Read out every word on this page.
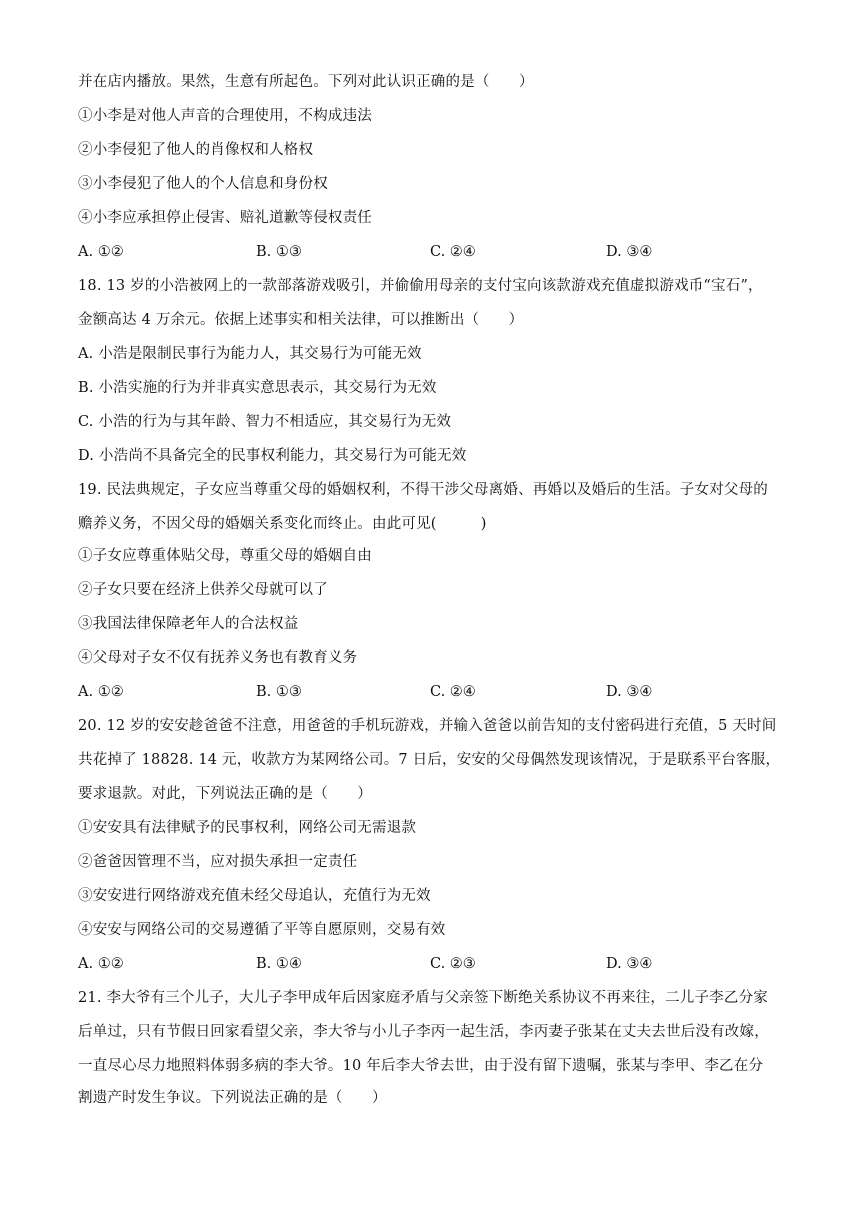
并在店内播放。果然，生意有所起色。下列对此认识正确的是（　　）
①小李是对他人声音的合理使用，不构成违法
②小李侵犯了他人的肖像权和人格权
③小李侵犯了他人的个人信息和身份权
④小李应承担停止侵害、赔礼道歉等侵权责任
A. ①②	B. ①③	C. ②④	D. ③④
18. 13 岁的小浩被网上的一款部落游戏吸引，并偷偷用母亲的支付宝向该款游戏充值虚拟游戏币“宝石”，
金额高达 4 万余元。依据上述事实和相关法律，可以推断出（　　）
A. 小浩是限制民事行为能力人，其交易行为可能无效
B. 小浩实施的行为并非真实意思表示，其交易行为无效
C. 小浩的行为与其年龄、智力不相适应，其交易行为无效
D. 小浩尚不具备完全的民事权利能力，其交易行为可能无效
19. 民法典规定，子女应当尊重父母的婚姻权利，不得干涉父母离婚、再婚以及婚后的生活。子女对父母的
赡养义务，不因父母的婚姻关系变化而终止。由此可见(　　　)
①子女应尊重体贴父母，尊重父母的婚姻自由
②子女只要在经济上供养父母就可以了
③我国法律保障老年人的合法权益
④父母对子女不仅有抚养义务也有教育义务
A. ①②	B. ①③	C. ②④	D. ③④
20. 12 岁的安安趁爸爸不注意，用爸爸的手机玩游戏，并输入爸爸以前告知的支付密码进行充值，5 天时间
共花掉了 18828. 14 元，收款方为某网络公司。7 日后，安安的父母偶然发现该情况，于是联系平台客服，
要求退款。对此，下列说法正确的是（　　）
①安安具有法律赋予的民事权利，网络公司无需退款
②爸爸因管理不当，应对损失承担一定责任
③安安进行网络游戏充值未经父母追认，充值行为无效
④安安与网络公司的交易遵循了平等自愿原则，交易有效
A. ①②	B. ①④	C. ②③	D. ③④
21. 李大爷有三个儿子，大儿子李甲成年后因家庭矛盾与父亲签下断绝关系协议不再来往，二儿子李乙分家
后单过，只有节假日回家看望父亲，李大爷与小儿子李丙一起生活，李丙妻子张某在丈夫去世后没有改嫁，
一直尽心尽力地照料体弱多病的李大爷。10 年后李大爷去世，由于没有留下遗嘱，张某与李甲、李乙在分
割遗产时发生争议。下列说法正确的是（　　）
